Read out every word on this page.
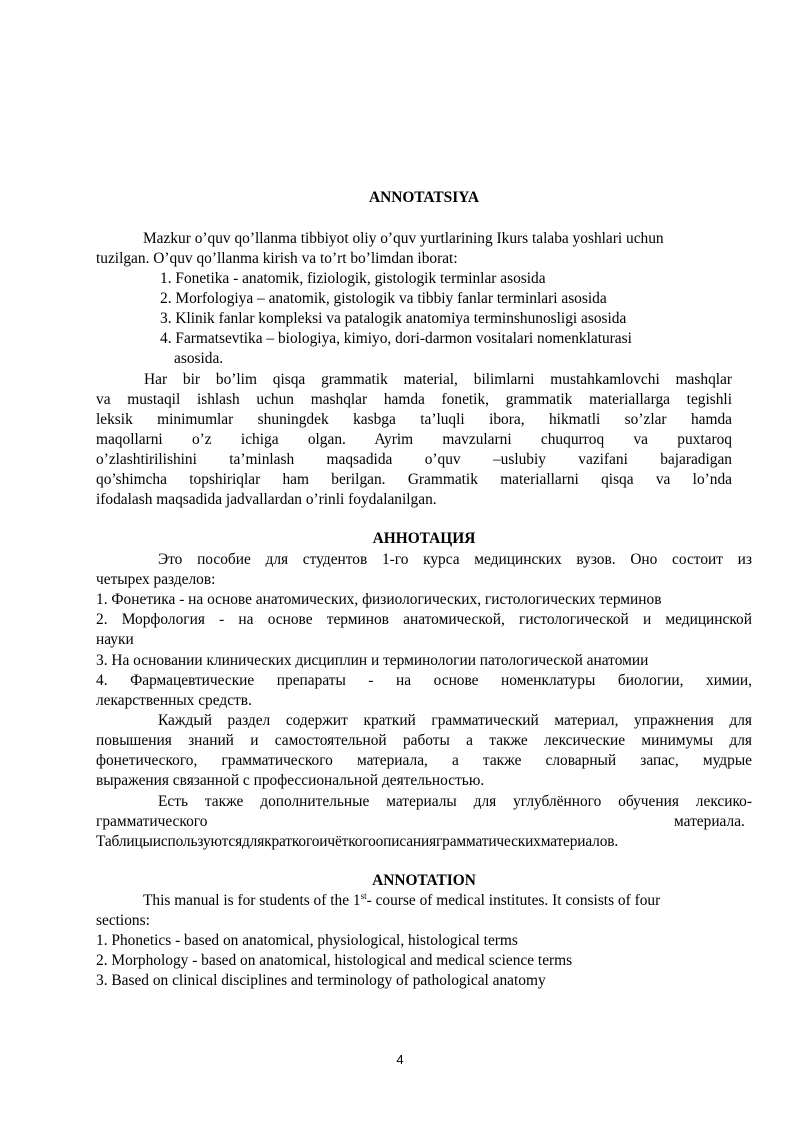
ANNOTATSIYA
Mazkur o’quv qo’llanma tibbiyot oliy o’quv yurtlarining Ikurs talaba yoshlari uchun
tuzilgan. O’quv qo’llanma kirish va to’rt bo’limdan iborat:
1. Fonetika - anatomik, fiziologik, gistologik terminlar asosida
2. Morfologiya – anatomik, gistologik va tibbiy fanlar terminlari asosida
3. Klinik fanlar kompleksi va patalogik anatomiya terminshunosligi asosida
4. Farmatsevtika – biologiya, kimiyo, dori-darmon vositalari nomenklaturasi
asosida.
Har bir bo’lim qisqa grammatik material, bilimlarni mustahkamlovchi mashqlar
va mustaqil ishlash uchun mashqlar hamda fonetik, grammatik materiallarga tegishli
leksik minimumlar shuningdek kasbga ta’luqli ibora, hikmatli so’zlar hamda
maqollarni o’z ichiga olgan. Ayrim mavzularni chuqurroq va puxtaroq
o’zlashtirilishini ta’minlash maqsadida o’quv –uslubiy vazifani bajaradigan
qo’shimcha topshiriqlar ham berilgan. Grammatik materiallarni qisqa va lo’nda
ifodalash maqsadida jadvallardan o’rinli foydalanilgan.
АННОТАЦИЯ
Это пособие для студентов 1-го курса медицинских вузов. Оно состоит из
четырех разделов:
1. Фонетика - на основе анатомических, физиологических, гистологических терминов
2. Морфология - на основе терминов анатомической, гистологической и медицинской
науки
3. На основании клинических дисциплин и терминологии патологической анатомии
4. Фармацевтические препараты - на основе номенклатуры биологии, химии,
лекарственных средств.
Каждый раздел содержит краткий грамматический материал, упражнения для
повышения знаний и самостоятельной работы а также лексические минимумы для
фонетического, грамматического материала, а также словарный запас, мудрые
выражения связанной с профессиональной деятельностью.
Есть также дополнительные материалы для углублённого обучения лексико-
грамматического	материала.
Таблицыиспользуютсядлякраткогоичёткогоописанияграмматическихматериалов.
ANNOTATION
This manual is for students of the 1st- course of medical institutes. It consists of four
sections:
1. Phonetics - based on anatomical, physiological, histological terms
2. Morphology - based on anatomical, histological and medical science terms
3. Based on clinical disciplines and terminology of pathological anatomy
4
